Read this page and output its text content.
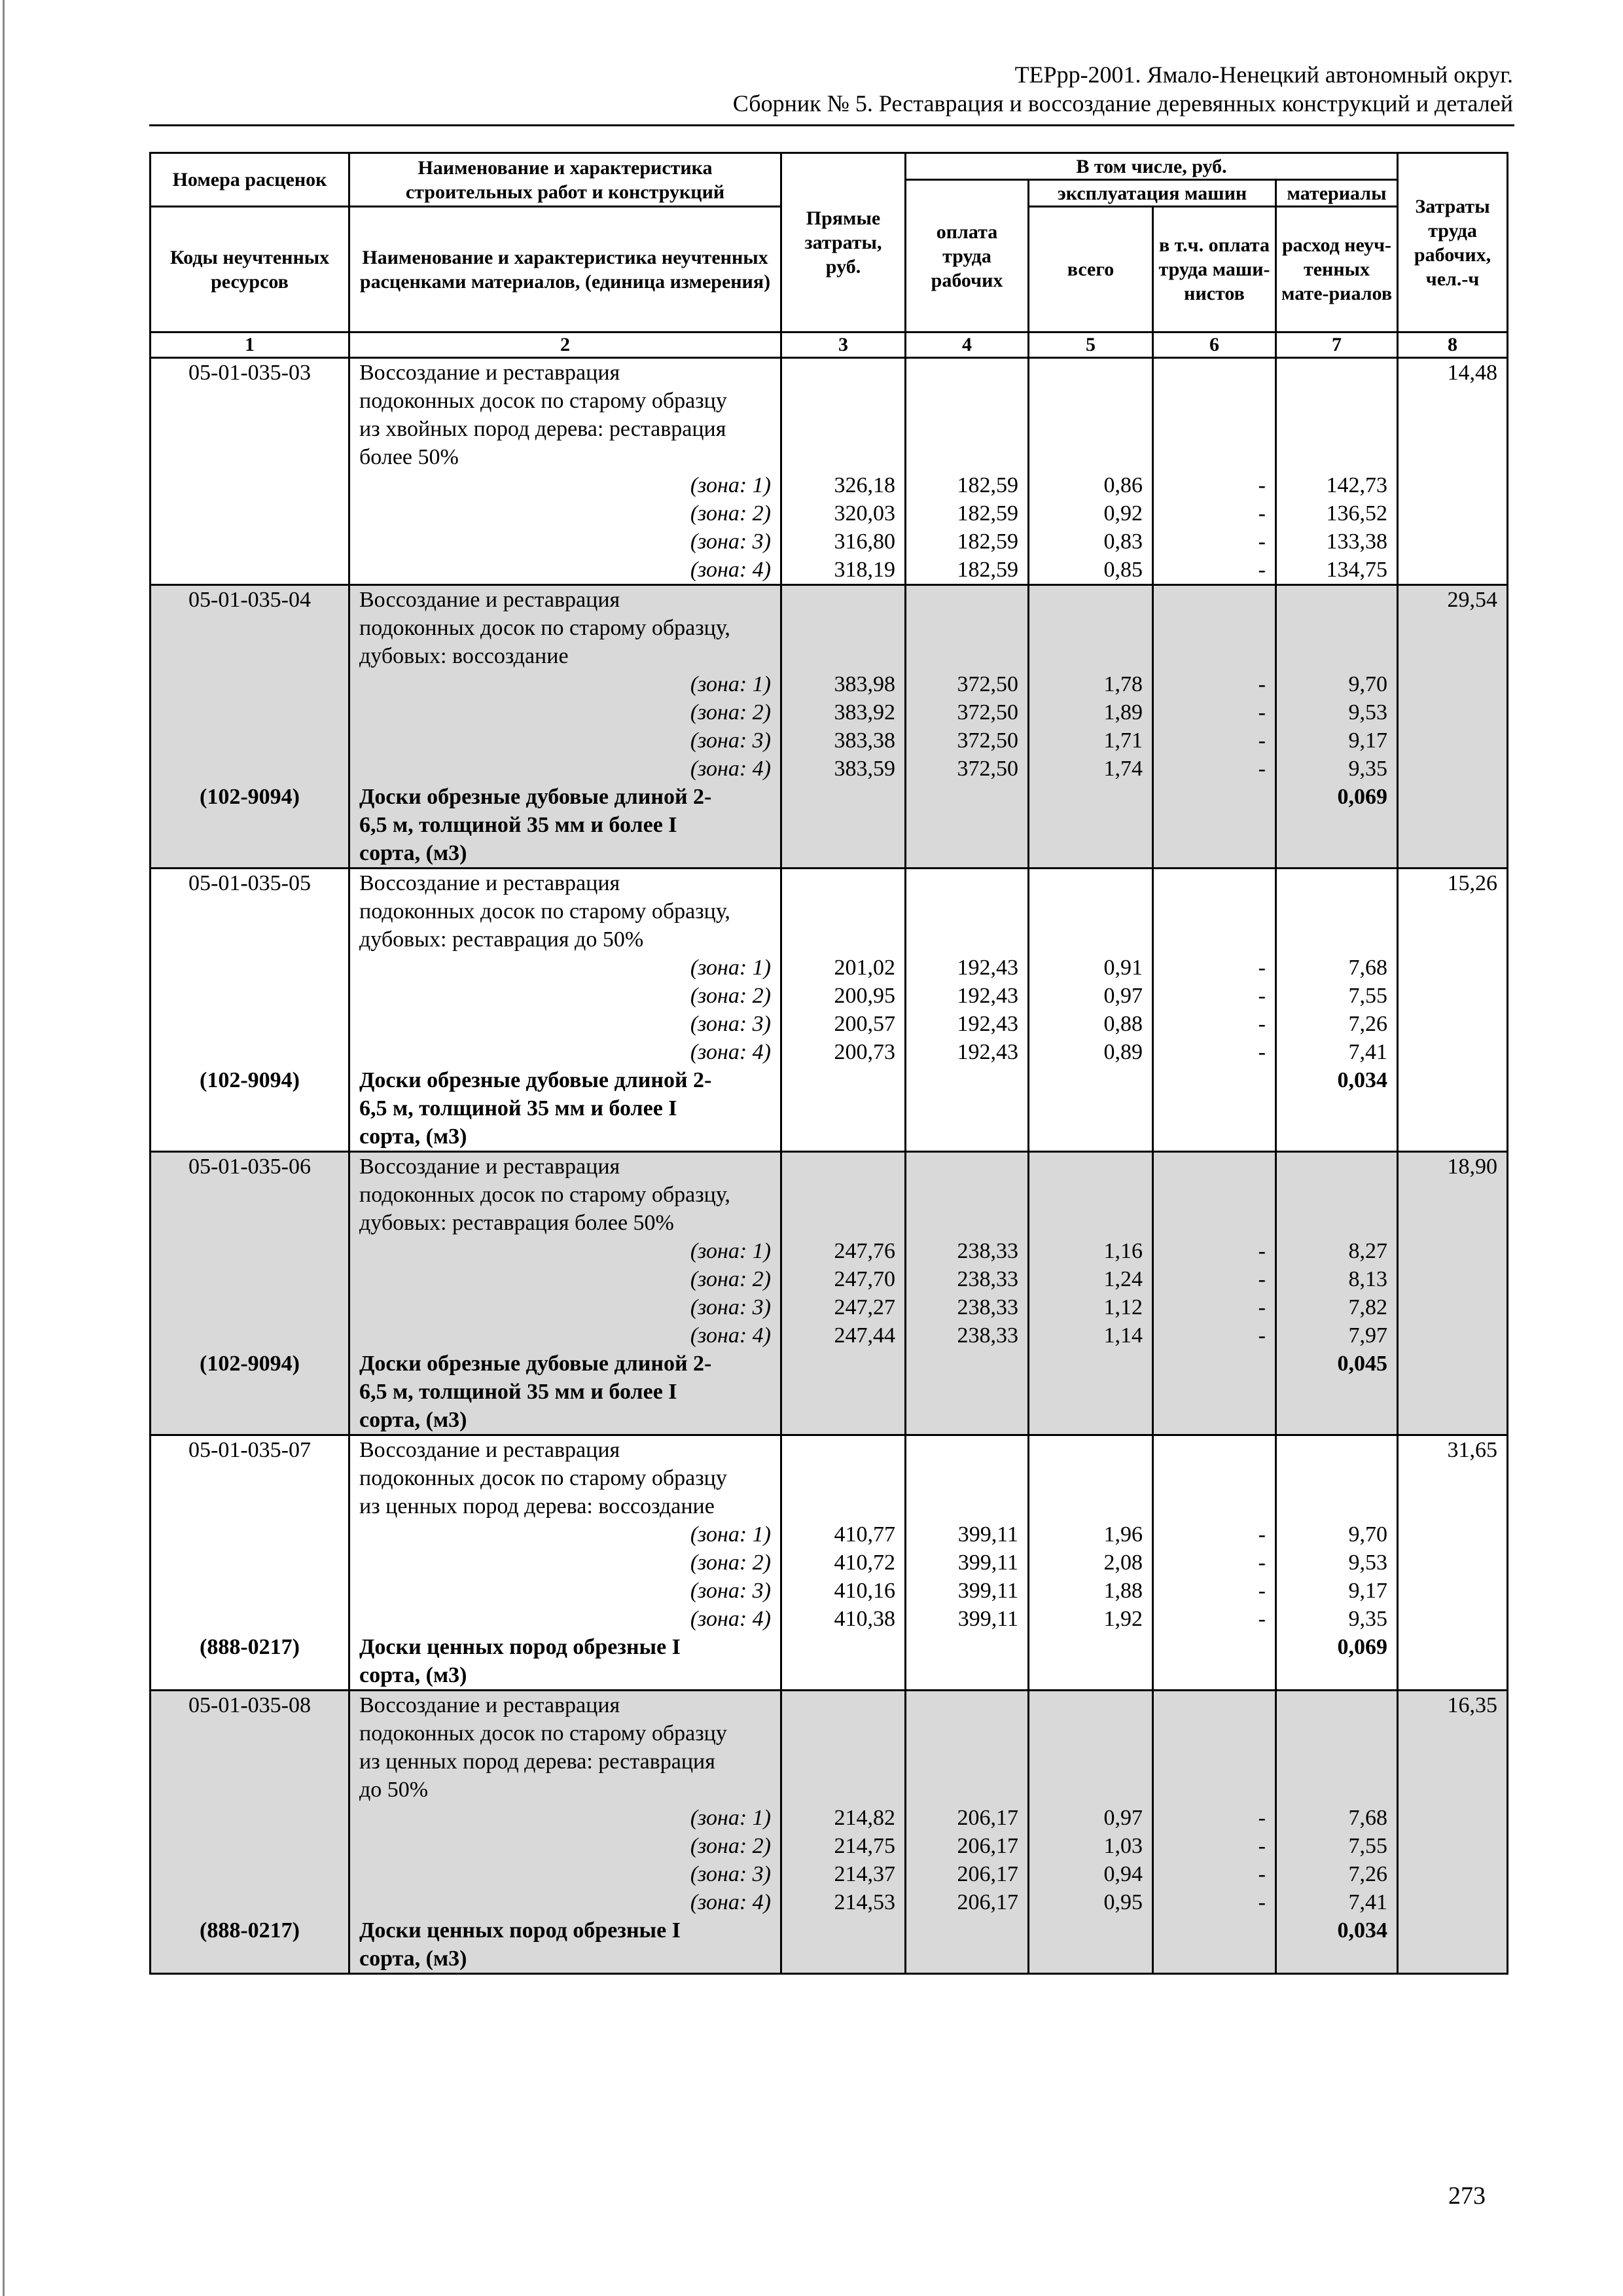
ТЕРрр-2001. Ямало-Ненецкий автономный округ.
Сборник № 5. Реставрация и воссоздание деревянных конструкций и деталей
Номера расценок	Наименование и характеристика строительных работ и конструкций	Прямые затраты, руб.	В том числе, руб.				Затраты труда рабочих, чел.-ч
			оплата труда рабочих	эксплуатация машин		материалы	
Коды неучтенных ресурсов	Наименование и характеристика неучтенных расценками материалов, (единица измерения)			всего	в т.ч. оплата труда маши-нистов	расход неуч-тенных мате-риалов	
1	2	3	4	5	6	7	8
05-01-035-03	Воссоздание и реставрация						14,48
	подоконных досок по старому образцу						
	из хвойных пород дерева: реставрация						
	более 50%						
	(зона: 1)	326,18	182,59	0,86	-	142,73	
	(зона: 2)	320,03	182,59	0,92	-	136,52	
	(зона: 3)	316,80	182,59	0,83	-	133,38	
	(зона: 4)	318,19	182,59	0,85	-	134,75	
05-01-035-04	Воссоздание и реставрация						29,54
	подоконных досок по старому образцу,						
	дубовых: воссоздание						
	(зона: 1)	383,98	372,50	1,78	-	9,70	
	(зона: 2)	383,92	372,50	1,89	-	9,53	
	(зона: 3)	383,38	372,50	1,71	-	9,17	
	(зона: 4)	383,59	372,50	1,74	-	9,35	
(102-9094)	Доски обрезные дубовые длиной 2-					0,069	
	6,5 м, толщиной 35 мм и более I						
	сорта, (м3)						
05-01-035-05	Воссоздание и реставрация						15,26
	подоконных досок по старому образцу,						
	дубовых: реставрация до 50%						
	(зона: 1)	201,02	192,43	0,91	-	7,68	
	(зона: 2)	200,95	192,43	0,97	-	7,55	
	(зона: 3)	200,57	192,43	0,88	-	7,26	
	(зона: 4)	200,73	192,43	0,89	-	7,41	
(102-9094)	Доски обрезные дубовые длиной 2-					0,034	
	6,5 м, толщиной 35 мм и более I						
	сорта, (м3)						
05-01-035-06	Воссоздание и реставрация						18,90
	подоконных досок по старому образцу,						
	дубовых: реставрация более 50%						
	(зона: 1)	247,76	238,33	1,16	-	8,27	
	(зона: 2)	247,70	238,33	1,24	-	8,13	
	(зона: 3)	247,27	238,33	1,12	-	7,82	
	(зона: 4)	247,44	238,33	1,14	-	7,97	
(102-9094)	Доски обрезные дубовые длиной 2-					0,045	
	6,5 м, толщиной 35 мм и более I						
	сорта, (м3)						
05-01-035-07	Воссоздание и реставрация						31,65
	подоконных досок по старому образцу						
	из ценных пород дерева: воссоздание						
	(зона: 1)	410,77	399,11	1,96	-	9,70	
	(зона: 2)	410,72	399,11	2,08	-	9,53	
	(зона: 3)	410,16	399,11	1,88	-	9,17	
	(зона: 4)	410,38	399,11	1,92	-	9,35	
(888-0217)	Доски ценных пород обрезные I					0,069	
	сорта, (м3)						
05-01-035-08	Воссоздание и реставрация						16,35
	подоконных досок по старому образцу						
	из ценных пород дерева: реставрация						
	до 50%						
	(зона: 1)	214,82	206,17	0,97	-	7,68	
	(зона: 2)	214,75	206,17	1,03	-	7,55	
	(зона: 3)	214,37	206,17	0,94	-	7,26	
	(зона: 4)	214,53	206,17	0,95	-	7,41	
(888-0217)	Доски ценных пород обрезные I					0,034	
	сорта, (м3)						
273
